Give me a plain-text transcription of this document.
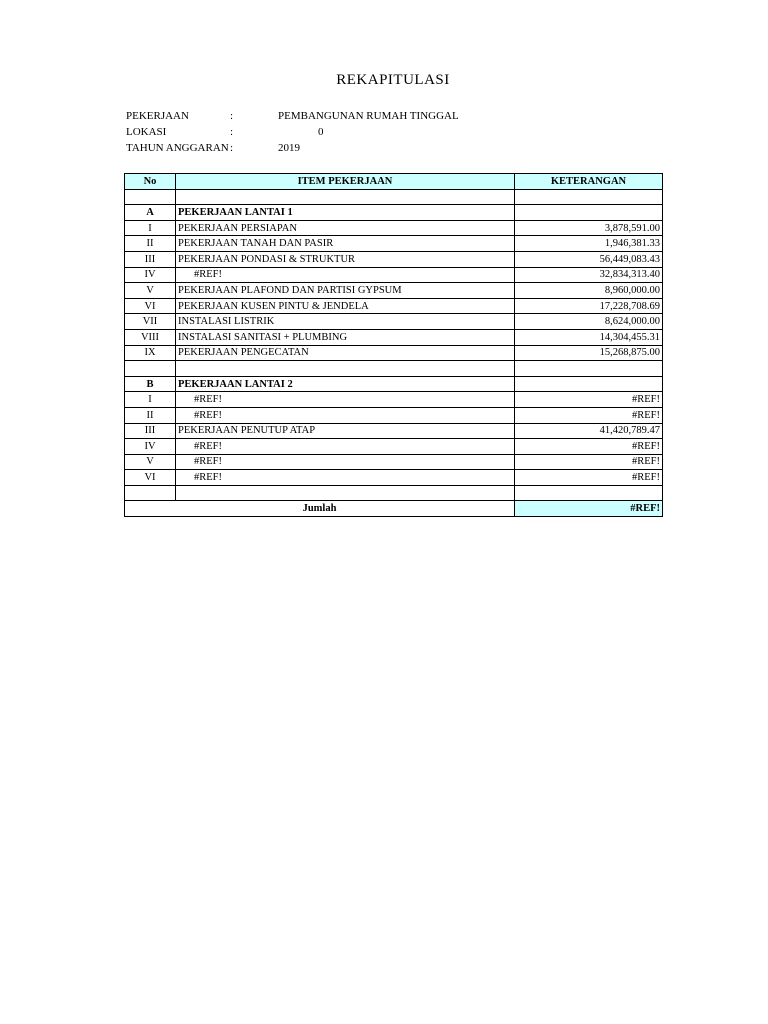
REKAPITULASI
PEKERJAAN	:	PEMBANGUNAN RUMAH TINGGAL
LOKASI	:	0
TAHUN ANGGARAN :	2019
No	ITEM PEKERJAAN	KETERANGAN

A	PEKERJAAN LANTAI 1	
I	PEKERJAAN PERSIAPAN	3,878,591.00
II	PEKERJAAN TANAH DAN PASIR	1,946,381.33
III	PEKERJAAN PONDASI & STRUKTUR	56,449,083.43
IV	#REF!	32,834,313.40
V	PEKERJAAN PLAFOND DAN PARTISI GYPSUM	8,960,000.00
VI	PEKERJAAN KUSEN PINTU & JENDELA	17,228,708.69
VII	INSTALASI LISTRIK	8,624,000.00
VIII	INSTALASI SANITASI + PLUMBING	14,304,455.31
IX	PEKERJAAN PENGECATAN	15,268,875.00

B	PEKERJAAN LANTAI 2	
I	#REF!	#REF!
II	#REF!	#REF!
III	PEKERJAAN PENUTUP ATAP	41,420,789.47
IV	#REF!	#REF!
V	#REF!	#REF!
VI	#REF!	#REF!

Jumlah		#REF!
